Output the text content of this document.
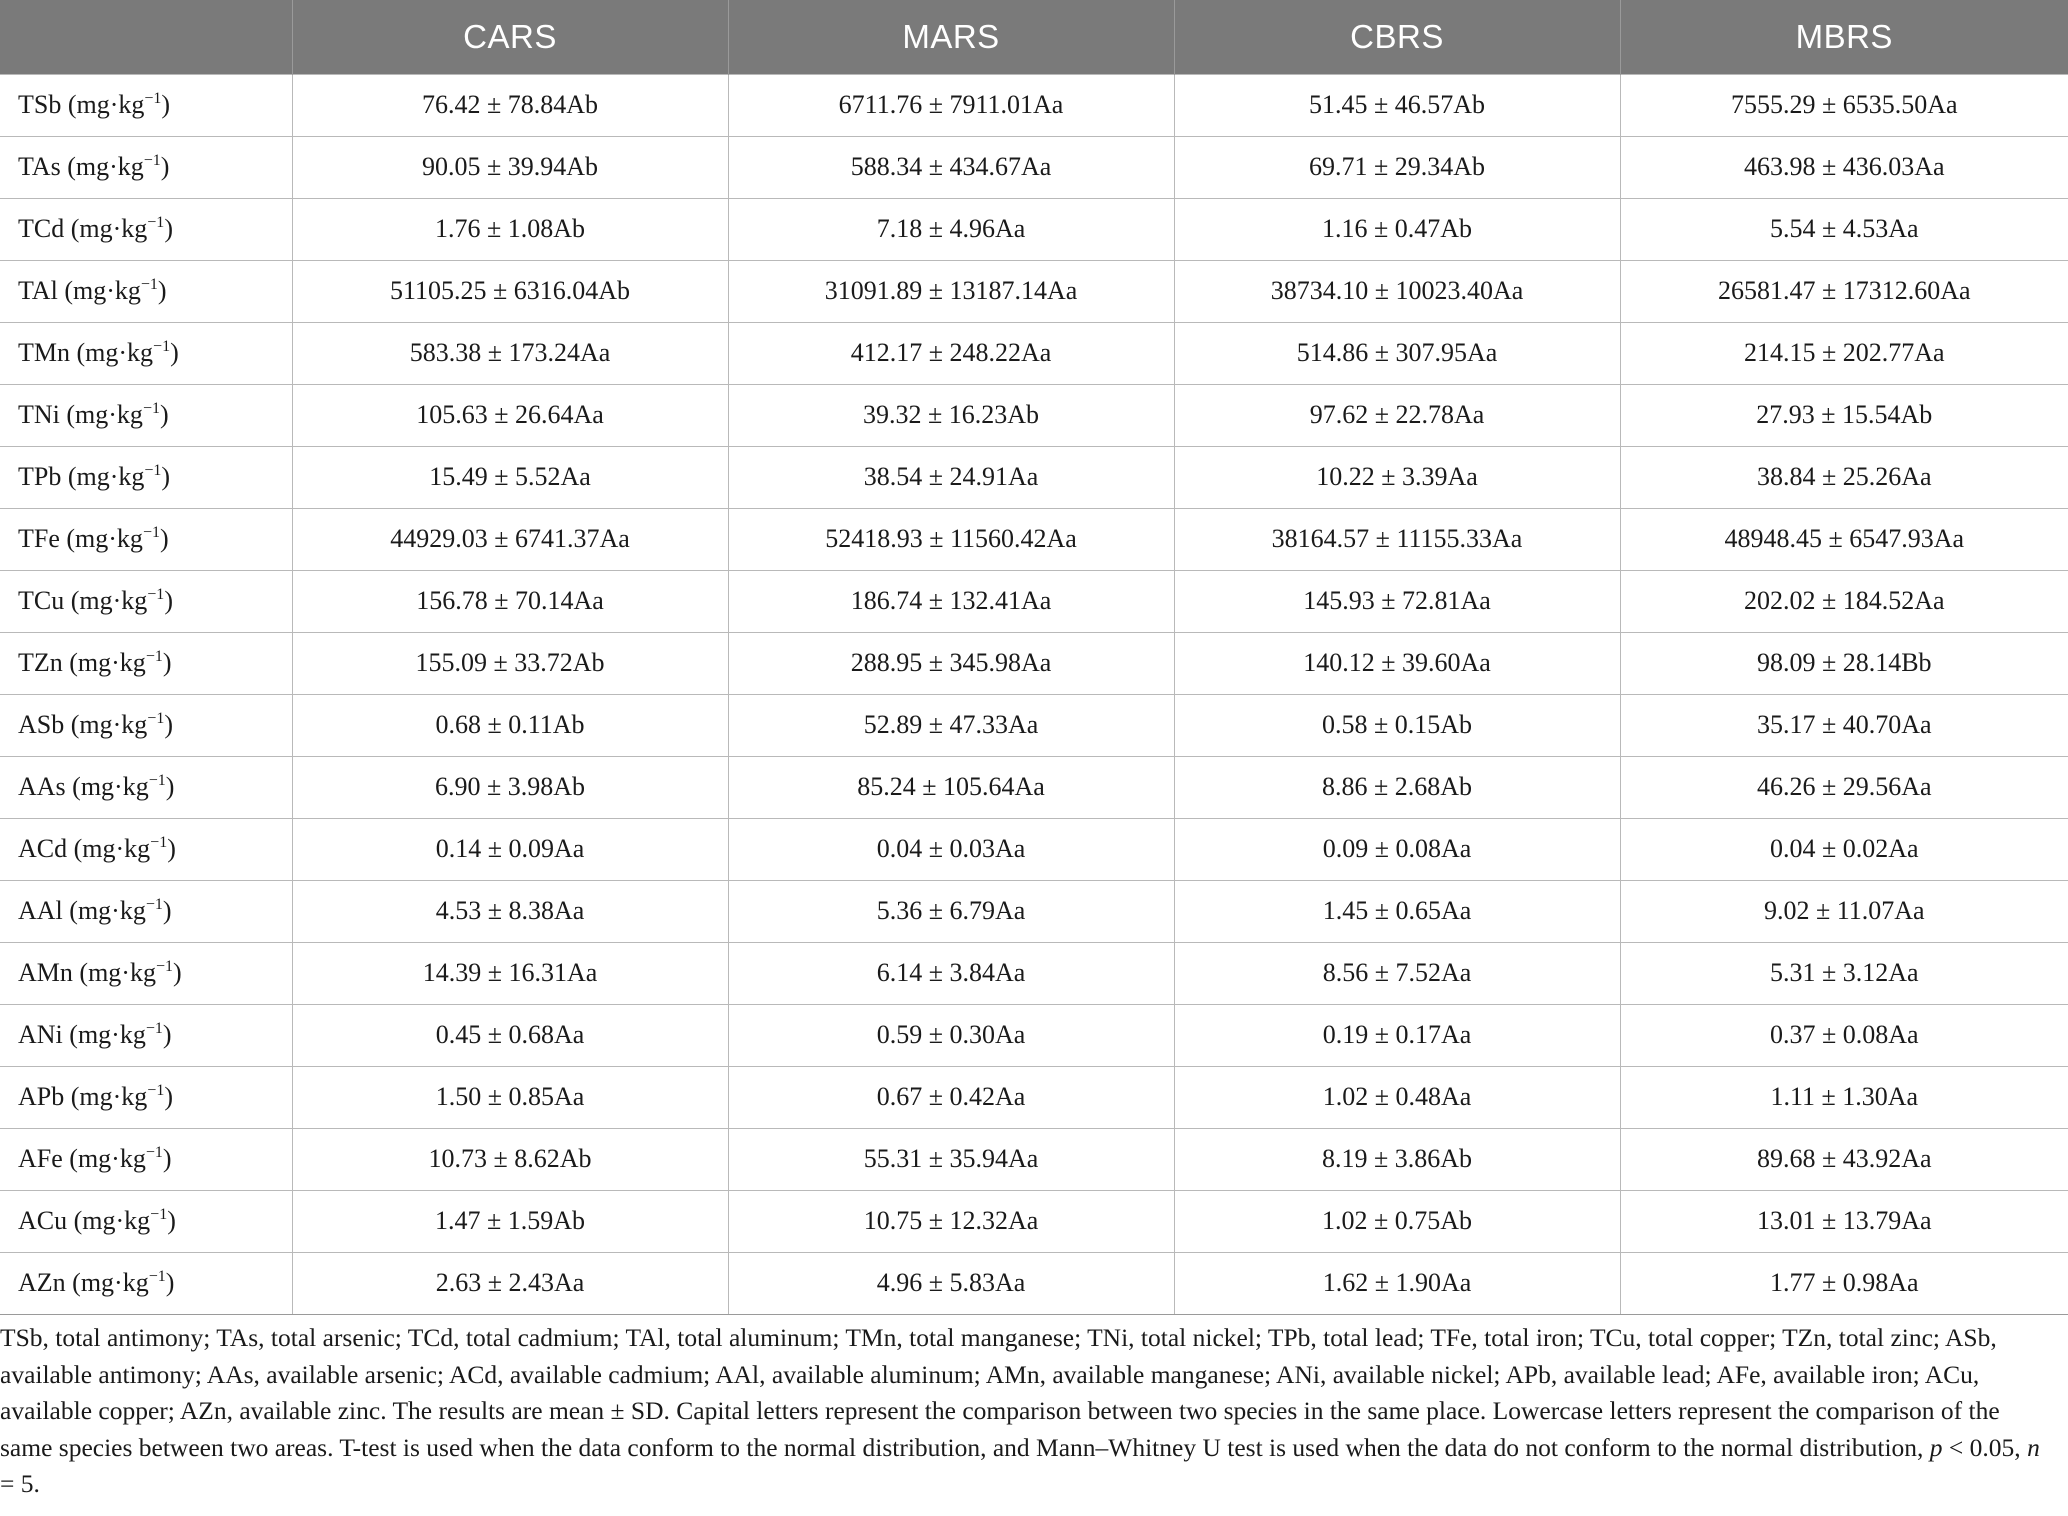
	CARS	MARS	CBRS	MBRS
TSb $(mg\cdot kg^{-1})$	76.42 ± 78.84Ab	6711.76 ± 7911.01Aa	51.45 ± 46.57Ab	7555.29 ± 6535.50Aa
TAs $(mg\cdot kg^{-1})$	90.05 ± 39.94Ab	588.34 ± 434.67Aa	69.71 ± 29.34Ab	463.98 ± 436.03Aa
TCd $(mg\cdot kg^{-1})$	1.76 ± 1.08Ab	7.18 ± 4.96Aa	1.16 ± 0.47Ab	5.54 ± 4.53Aa
TAl $(mg\cdot kg^{-1})$	51105.25 ± 6316.04Ab	31091.89 ± 13187.14Aa	38734.10 ± 10023.40Aa	26581.47 ± 17312.60Aa
TMn $(mg\cdot kg^{-1})$	583.38 ± 173.24Aa	412.17 ± 248.22Aa	514.86 ± 307.95Aa	214.15 ± 202.77Aa
TNi $(mg\cdot kg^{-1})$	105.63 ± 26.64Aa	39.32 ± 16.23Ab	97.62 ± 22.78Aa	27.93 ± 15.54Ab
TPb $(mg\cdot kg^{-1})$	15.49 ± 5.52Aa	38.54 ± 24.91Aa	10.22 ± 3.39Aa	38.84 ± 25.26Aa
TFe $(mg\cdot kg^{-1})$	44929.03 ± 6741.37Aa	52418.93 ± 11560.42Aa	38164.57 ± 11155.33Aa	48948.45 ± 6547.93Aa
TCu $(mg\cdot kg^{-1})$	156.78 ± 70.14Aa	186.74 ± 132.41Aa	145.93 ± 72.81Aa	202.02 ± 184.52Aa
TZn $(mg\cdot kg^{-1})$	155.09 ± 33.72Ab	288.95 ± 345.98Aa	140.12 ± 39.60Aa	98.09 ± 28.14Bb
ASb $(mg\cdot kg^{-1})$	0.68 ± 0.11Ab	52.89 ± 47.33Aa	0.58 ± 0.15Ab	35.17 ± 40.70Aa
AAs $(mg\cdot kg^{-1})$	6.90 ± 3.98Ab	85.24 ± 105.64Aa	8.86 ± 2.68Ab	46.26 ± 29.56Aa
ACd $(mg\cdot kg^{-1})$	0.14 ± 0.09Aa	0.04 ± 0.03Aa	0.09 ± 0.08Aa	0.04 ± 0.02Aa
AAl $(mg\cdot kg^{-1})$	4.53 ± 8.38Aa	5.36 ± 6.79Aa	1.45 ± 0.65Aa	9.02 ± 11.07Aa
AMn $(mg\cdot kg^{-1})$	14.39 ± 16.31Aa	6.14 ± 3.84Aa	8.56 ± 7.52Aa	5.31 ± 3.12Aa
ANi $(mg\cdot kg^{-1})$	0.45 ± 0.68Aa	0.59 ± 0.30Aa	0.19 ± 0.17Aa	0.37 ± 0.08Aa
APb $(mg\cdot kg^{-1})$	1.50 ± 0.85Aa	0.67 ± 0.42Aa	1.02 ± 0.48Aa	1.11 ± 1.30Aa
AFe $(mg\cdot kg^{-1})$	10.73 ± 8.62Ab	55.31 ± 35.94Aa	8.19 ± 3.86Ab	89.68 ± 43.92Aa
ACu $(mg\cdot kg^{-1})$	1.47 ± 1.59Ab	10.75 ± 12.32Aa	1.02 ± 0.75Ab	13.01 ± 13.79Aa
AZn $(mg\cdot kg^{-1})$	2.63 ± 2.43Aa	4.96 ± 5.83Aa	1.62 ± 1.90Aa	1.77 ± 0.98Aa

TSb, total antimony; TAs, total arsenic; TCd, total cadmium; TAl, total aluminum; TMn, total manganese; TNi, total nickel; TPb, total lead; TFe, total iron; TCu, total copper; TZn, total zinc; ASb, available antimony; AAs, available arsenic; ACd, available cadmium; AAl, available aluminum; AMn, available manganese; ANi, available nickel; APb, available lead; AFe, available iron; ACu, available copper; AZn, available zinc. The results are mean ± SD. Capital letters represent the comparison between two species in the same place. Lowercase letters represent the comparison of the same species between two areas. T-test is used when the data conform to the normal distribution, and Mann–Whitney U test is used when the data do not conform to the normal distribution, p < 0.05, n = 5.
